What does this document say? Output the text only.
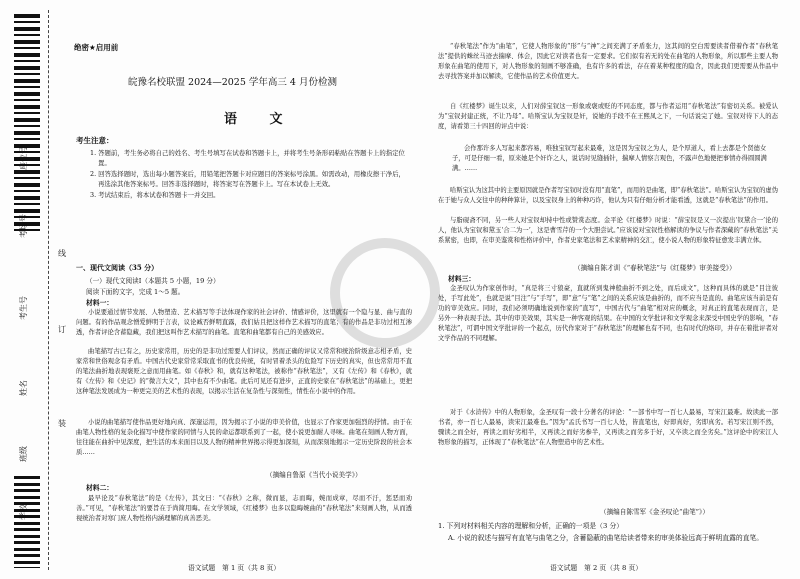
座位号
考场号
考生号
姓名
班级
学校
线
订
装
绝密★启用前
皖豫名校联盟 2024—2025 学年高三 4 月份检测
语 文
考生注意：

1. 答题前，考生务必将自己的姓名、考生号填写在试卷和答题卡上，并将考生号条形码粘贴在答题卡上的指定位置。

2. 回答选择题时，选出每小题答案后，用铅笔把答题卡对应题目的答案标号涂黑。如需改动，用橡皮擦干净后，再选涂其他答案标号。回答非选择题时，将答案写在答题卡上。写在本试卷上无效。

3. 考试结束后，将本试卷和答题卡一并交回。

一、现代文阅读（35 分）
（一）现代文阅读Ⅰ（本题共 5 小题，19 分）
阅读下面的文字，完成 1～5 题。
材料一：

小说要通过情节发展、人物塑造、艺术描写等手法体现作家的社会评价、情感评价，这里就有一个隐与显、曲与直的问题。有的作品观念憎爱鲜明于言表，议论臧否鲜明直露，我们姑且把这样作艺术描写的直笔；有的作品是非功过相互渗透，作者评论含蓄隐藏，我们把这叫作艺术描写的曲笔。直笔和曲笔都有自己的美感效应。

曲笔描写古已有之，历史家常用，历史的是非功过需要人们评议，然而正确的评议又常常和统治阶级意志相矛盾，史家常和世俗观念有矛盾。中国古代史家常常采取直书的优良传统，有时冒着杀头的危险写下历史的真实，但也常常用不直的笔法曲折地表现褒贬之意而用曲笔。如《春秋》和，就有这种笔法，被称作“春秋笔法”，又有《左传》和《春秋》，就有《左传》和《史记》的“微言大义”，其中也有不少曲笔。此后可见还有进步，正直的史家在“春秋笔法”的基础上，更把这种笔法发展成为一种更完美的艺术性的表现，以揭示生活在复杂性与深刻性，情性在小说中的作用。

小说的曲笔描写使作品更好地向真、深邃运用，因为揭示了小说的审美价值，也显示了作家更加强烈的抒情。由于在曲笔人物性格的复杂化描写中使作家的同情与人民的命运都联系到了一起，使小说更加耐人寻味。曲笔在刻画人物方面，往往能在曲折中见深度，把生活的本来面目以及人物的精神世界揭示得更加深刻，从而深刻地揭示一定历史阶段的社会本质……

（摘编自鲁原《当代小说美学》）
材料二：

最早论及“春秋笔法”的是《左传》，其文曰：“《春秋》之称，微而显，志而晦，婉而成章，尽而不汙，惩恶而劝善。”可见，“春秋笔法”的要旨在于尚简用晦。在文学领域，《红楼梦》也多以隐晦婉曲的“春秋笔法”来刻画人物，从而透视统治者对寒门庶人物性格内涵理解的真善恶美。

“春秋笔法”作为“曲笔”，它使人物形象的“形”与“神”之间充满了矛盾张力，这其间的空白需要读者借着作者“春秋笔法”提供的蛛丝马迹去揣摩、体会，因此它对读者也有一定要求。它们似有若无的处在曲笔的人物形象，所以那些主要人物形象在曲笔的使用下，对人物形象的刻画不够准确，也有许多的看法，存在着某种程度的隐含，因此我们更需要从作品中去寻找答案并加以解读，它使作品的艺术价值更大。

自《红楼梦》诞生以来，人们对薛宝钗这一形象或褒或贬的不同态度，都与作者运用“春秋笔法”有密切关系。被爱认为“宝钗封建正统，不让乃母”。哈斯宝认为宝钗是奸，说她的手段不在王熙凤之下，一句话说完了她。宝钗对待下人的态度，请看第三十四回的评点中说：

会作那许多人写起来都容易，唯独宝钗写起来最难，这是因为宝钗之为人，是个厚道人，看上去都是个贤德女子，可是仔细一看，原来她是个奸诈之人，说话时见缝插针，揣摩人情察言观色，不露声色地便把事情办得圆圆满满。……

哈斯宝认为这其中的主要原因就是作者写宝钗时没有用“直笔”，而用的是曲笔，即“春秋笔法”。哈斯宝认为宝钗的虚伪在于她与众人交往中的种种算计，以及宝钗身上的种种巧诈，他认为只有仔细分析才能看透，这就是“春秋笔法”的作用。

与脂砚斋不同，另一些人对宝钗却持中性或赞赏态度。金平论《红楼梦》时说：“薛宝钗是又一次提出‘钗黛合一’论的人，他认为宝钗和黛玉‘合二为一’，这是曹雪芹的一个大胆尝试。”应该说对宝钗性格解读的争议与作者深藏的“春秋笔法”关系紧密，也即，在审美鉴赏和性格评价中，作者史家笔法和艺术家精神的交汇，使小说人物的形象特征愈发丰满立体。

（摘编自陈才训《“春秋笔法”与《红楼梦》审美接受》）
材料三：

金圣叹认为作家创作时，“真是将三寸狼豪，直就所到鬼神般曲折不到之处，而后成文”，这种而具体的就是“目注彼处，手写此处”，也就是说“目注”与“手写”，即“意”与“笔”之间的关系应该是曲折的，而不应当是直的。曲笔应该当前是有功的审美效应。同时，我们必须明确地说到作家的“直写”，中国古代与“曲笔”相对应的概念，对真正的直笔表现而言，是另外一种表现手法。其中的审美效果，其实是一种客观的结果。在中国的文学批评和文学观念来深受中国史学的影响，“春秋笔法”，可谓中国文学批评的一个起点，历代作家对于“春秋笔法”的理解也有不同，也有时代的烙印，并存在着批评者对文学作品的不同理解。

对于《水浒传》中的人物形象，金圣叹有一段十分著名的评论：“一部书中写一百七人最易，写宋江最难。故读此一部书者，亦一百七人最易，读宋江最难也。”因为“孟氏书写一百七人处，皆直笔也，好即真好，劣即真劣。若写宋江则不然，骤读之而全好，再读之而好劣相半，又再读之而好劣参半，又再读之而劣多于好，又卒读之而全劣矣。”这评论中的宋江人物形象的描写，正体现了“春秋笔法”在人物塑造中的艺术性。

（摘编自陈雪军《金圣叹论“曲笔”》）
1. 下列对材料相关内容的理解和分析，正确的一项是（3 分）
A. 小说的叙述与描写有直笔与曲笔之分，含蓄隐蔽的曲笔给读者带来的审美体验远高于鲜明直露的直笔。
语文试题　第 1 页（共 8 页）	语文试题　第 2 页（共 8 页）
